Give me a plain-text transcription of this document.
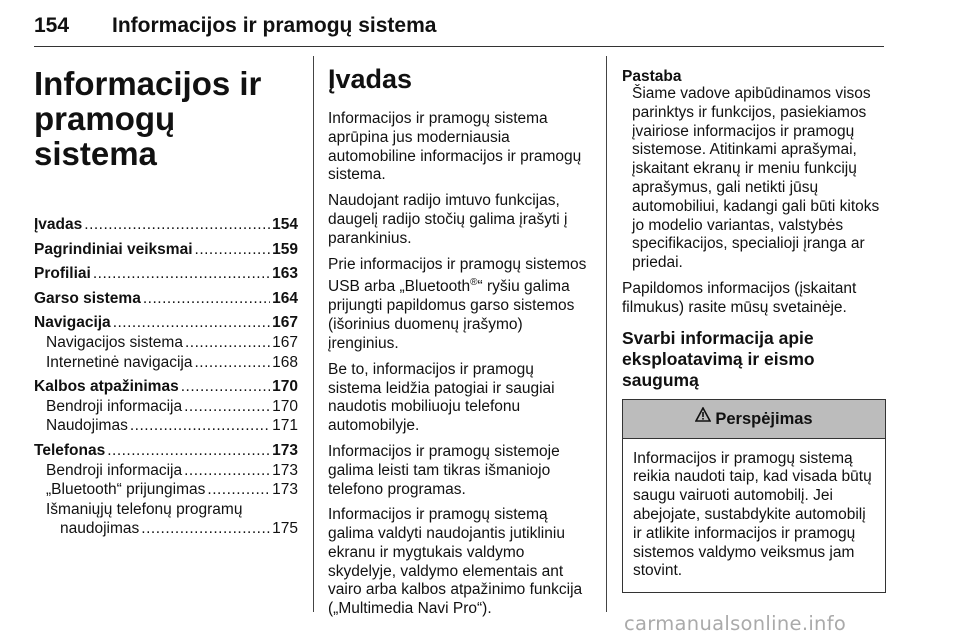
154 Informacijos ir pramogų sistema
Informacijos ir
pramogų sistema
Įvadas .....	154
Pagrindiniai veiksmai .....	159
Profiliai .....	163
Garso sistema .....	164
Navigacija .....	167
Navigacijos sistema .....	167
Internetinė navigacija .....	168
Kalbos atpažinimas .....	170
Bendroji informacija .....	170
Naudojimas .....	171
Telefonas .....	173
Bendroji informacija .....	173
„Bluetooth“ prijungimas .....	173
Išmaniųjų telefonų programų
naudojimas .....	175
Įvadas

Informacijos ir pramogų sistema aprūpina jus moderniausia automobiline informacijos ir pramogų sistema.

Naudojant radijo imtuvo funkcijas, daugelį radijo stočių galima įrašyti į parankinius.

Prie informacijos ir pramogų sistemos USB arba „Bluetooth®“ ryšiu galima prijungti papildomus garso sistemos (išorinius duomenų įrašymo) įrenginius.

Be to, informacijos ir pramogų sistema leidžia patogiai ir saugiai naudotis mobiliuoju telefonu automobilyje.

Informacijos ir pramogų sistemoje galima leisti tam tikras išmaniojo telefono programas.

Informacijos ir pramogų sistemą galima valdyti naudojantis jutikliniu ekranu ir mygtukais valdymo skydelyje, valdymo elementais ant vairo arba kalbos atpažinimo funkcija („Multimedia Navi Pro“).

Pastaba
Šiame vadove apibūdinamos visos parinktys ir funkcijos, pasiekiamos įvairiose informacijos ir pramogų sistemose. Atitinkami aprašymai, įskaitant ekranų ir meniu funkcijų aprašymus, gali netikti jūsų automobiliui, kadangi gali būti kitoks jo modelio variantas, valstybės specifikacijos, specialioji įranga ar priedai.

Papildomos informacijos (įskaitant filmukus) rasite mūsų svetainėje.

Svarbi informacija apie eksploatavimą ir eismo saugumą
Perspėjimas
Informacijos ir pramogų sistemą reikia naudoti taip, kad visada būtų saugu vairuoti automobilį. Jei abejojate, sustabdykite automobilį ir atlikite informacijos ir pramogų sistemos valdymo veiksmus jam stovint.
carmanualsonline.info
